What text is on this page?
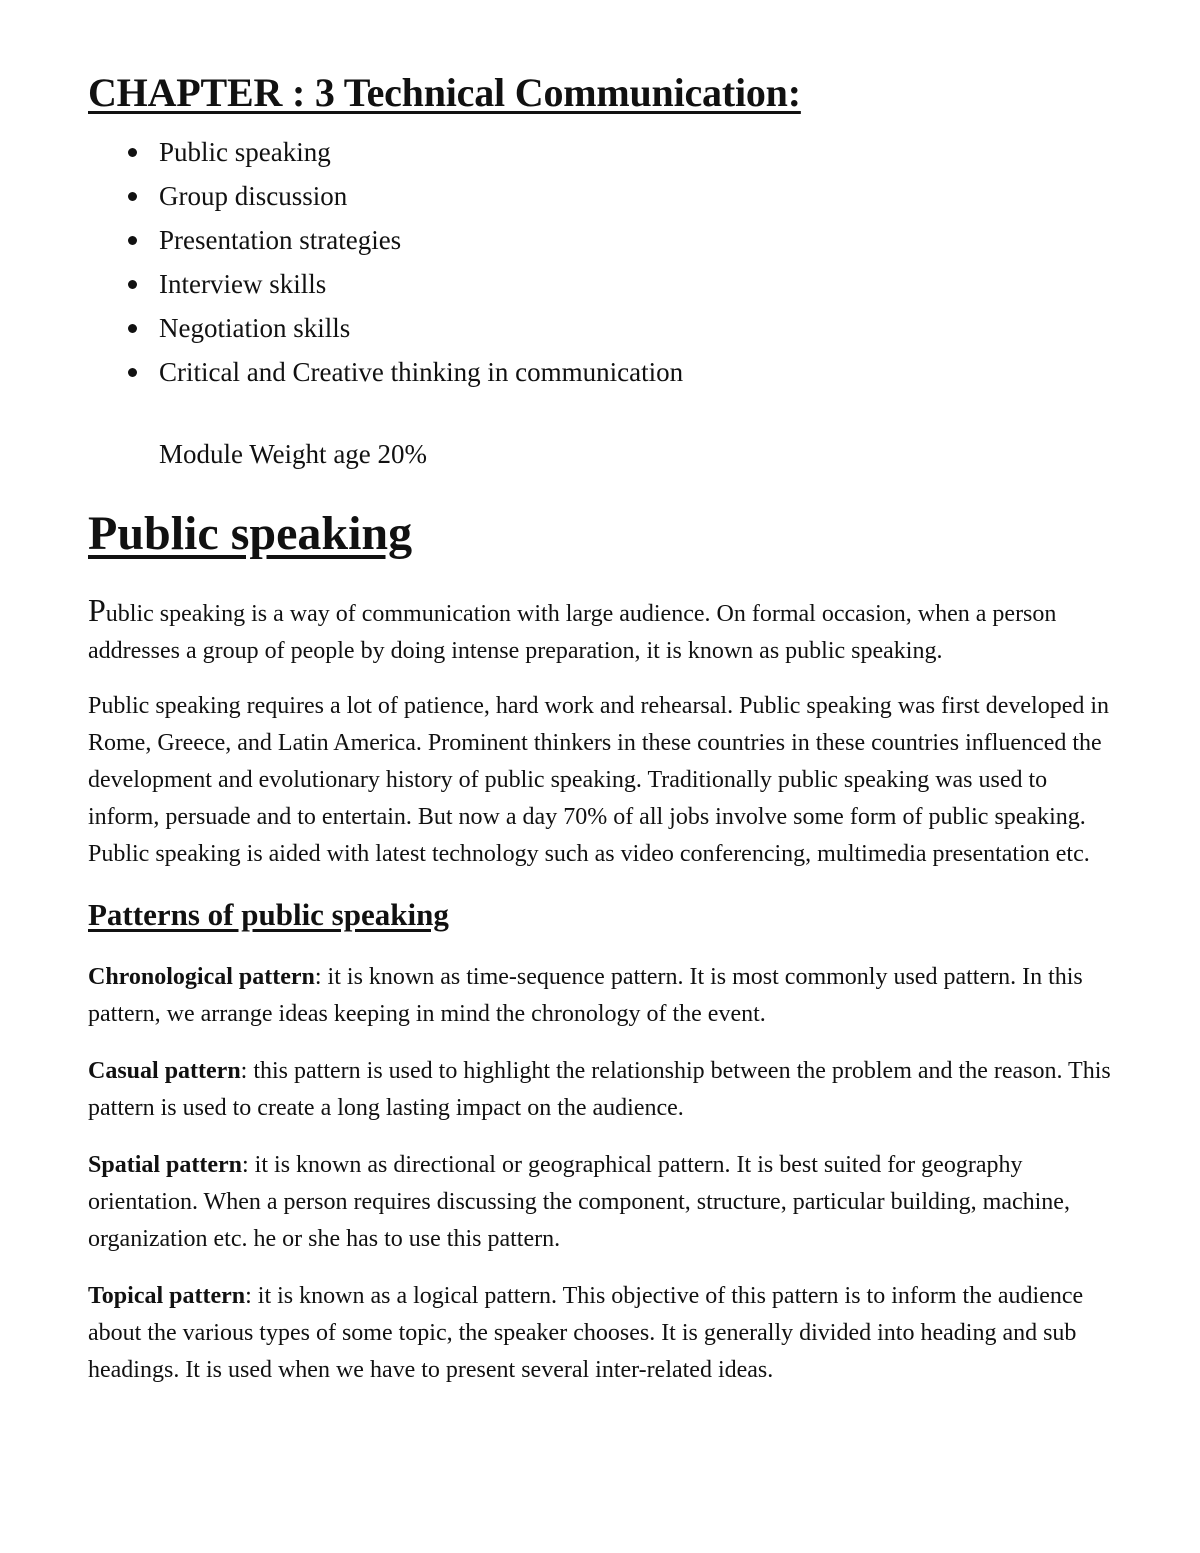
CHAPTER : 3 Technical Communication:
Public speaking
Group discussion
Presentation strategies
Interview skills
Negotiation skills
Critical and Creative thinking in communication

Module Weight age 20%

Public speaking

Public speaking is a way of communication with large audience. On formal occasion, when a person addresses a group of people by doing intense preparation, it is known as public speaking.

Public speaking requires a lot of patience, hard work and rehearsal. Public speaking was first developed in Rome, Greece, and Latin America. Prominent thinkers in these countries in these countries influenced the development and evolutionary history of public speaking. Traditionally public speaking was used to inform, persuade and to entertain. But now a day 70% of all jobs involve some form of public speaking. Public speaking is aided with latest technology such as video conferencing, multimedia presentation etc.

Patterns of public speaking

Chronological pattern: it is known as time-sequence pattern. It is most commonly used pattern. In this pattern, we arrange ideas keeping in mind the chronology of the event.

Casual pattern: this pattern is used to highlight the relationship between the problem and the reason. This pattern is used to create a long lasting impact on the audience.

Spatial pattern: it is known as directional or geographical pattern. It is best suited for geography orientation. When a person requires discussing the component, structure, particular building, machine, organization etc. he or she has to use this pattern.

Topical pattern: it is known as a logical pattern. This objective of this pattern is to inform the audience about the various types of some topic, the speaker chooses. It is generally divided into heading and sub headings. It is used when we have to present several inter-related ideas.
